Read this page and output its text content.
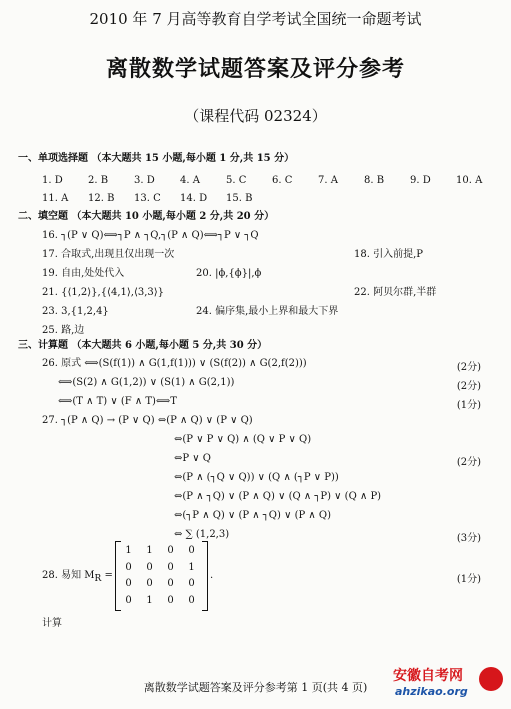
2010 年 7 月高等教育自学考试全国统一命题考试
离散数学试题答案及评分参考
（课程代码 02324）
一、单项选择题 （本大题共 15 小题,每小题 1 分,共 15 分）
1. D	2. B	3. D	4. A	5. C	6. C	7. A	8. B	9. D	10. A
11. A 12. B 13. C 14. D 15. B
二、填空题 （本大题共 10 小题,每小题 2 分,共 20 分）
16. ┐(P ∨ Q)⟺┐P ∧ ┐Q,┐(P ∧ Q)⟺┐P ∨ ┐Q
17. 合取式,出现且仅出现一次	18. 引入前提,P
19. 自由,处处代入	20. |ϕ,{ϕ}|,ϕ
21. {⟨1,2⟩},{⟨4,1⟩,⟨3,3⟩}	22. 阿贝尔群,半群
23. 3,{1,2,4}	24. 偏序集,最小上界和最大下界
25. 路,边
三、计算题 （本大题共 6 小题,每小题 5 分,共 30 分）
26. 原式 ⟺(S(f(1)) ∧ G(1,f(1))) ∨ (S(f(2)) ∧ G(2,f(2)))	(2分)
⟺(S(2) ∧ G(1,2)) ∨ (S(1) ∧ G(2,1))	(2分)
⟺(T ∧ T) ∨ (F ∧ T)⟺T	(1分)
27. ┐(P ∧ Q) → (P ∨ Q) ⇔(P ∧ Q) ∨ (P ∨ Q)
⇔(P ∨ P ∨ Q) ∧ (Q ∨ P ∨ Q)
⇔P ∨ Q	(2分)
⇔(P ∧ (┐Q ∨ Q)) ∨ (Q ∧ (┐P ∨ P))
⇔(P ∧ ┐Q) ∨ (P ∧ Q) ∨ (Q ∧ ┐P) ∨ (Q ∧ P)
⇔(┐P ∧ Q) ∨ (P ∧ ┐Q) ∨ (P ∧ Q)
⇔ ∑ (1,2,3)	(3分)
28. 易知 $M_R$ =
1	1	0	0
0	0	0	1
0	0	0	0
0	1	0	0
.	(1分)
计算
离散数学试题答案及评分参考第 1 页(共 4 页)
安徽自考网
ahzikao.org
